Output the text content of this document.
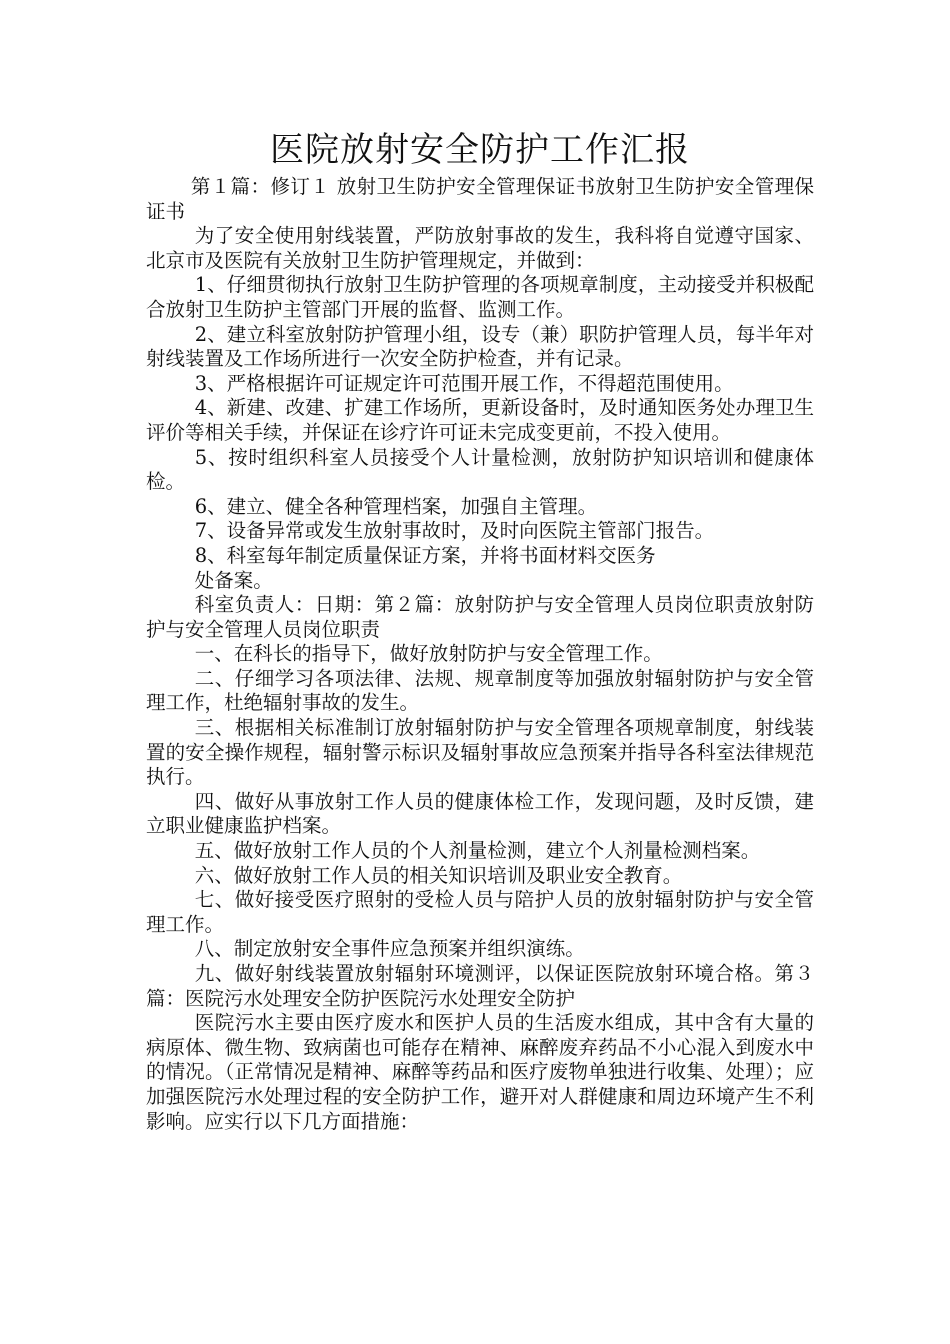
医院放射安全防护工作汇报

第１篇：修订１ 放射卫生防护安全管理保证书放射卫生防护安全管理保证书

为了安全使用射线装置，严防放射事故的发生，我科将自觉遵守国家、北京市及医院有关放射卫生防护管理规定，并做到：

1、仔细贯彻执行放射卫生防护管理的各项规章制度，主动接受并积极配合放射卫生防护主管部门开展的监督、监测工作。

2、建立科室放射防护管理小组，设专（兼）职防护管理人员，每半年对射线装置及工作场所进行一次安全防护检查，并有记录。

3、严格根据许可证规定许可范围开展工作，不得超范围使用。

4、新建、改建、扩建工作场所，更新设备时，及时通知医务处办理卫生评价等相关手续，并保证在诊疗许可证未完成变更前，不投入使用。

5、按时组织科室人员接受个人计量检测，放射防护知识培训和健康体检。

6、建立、健全各种管理档案，加强自主管理。

7、设备异常或发生放射事故时，及时向医院主管部门报告。

8、科室每年制定质量保证方案，并将书面材料交医务

处备案。

科室负责人：日期：第２篇：放射防护与安全管理人员岗位职责放射防护与安全管理人员岗位职责

一、在科长的指导下，做好放射防护与安全管理工作。

二、仔细学习各项法律、法规、规章制度等加强放射辐射防护与安全管理工作，杜绝辐射事故的发生。

三、根据相关标准制订放射辐射防护与安全管理各项规章制度，射线装置的安全操作规程，辐射警示标识及辐射事故应急预案并指导各科室法律规范执行。

四、做好从事放射工作人员的健康体检工作，发现问题，及时反馈，建立职业健康监护档案。

五、做好放射工作人员的个人剂量检测，建立个人剂量检测档案。

六、做好放射工作人员的相关知识培训及职业安全教育。

七、做好接受医疗照射的受检人员与陪护人员的放射辐射防护与安全管理工作。

八、制定放射安全事件应急预案并组织演练。

九、做好射线装置放射辐射环境测评，以保证医院放射环境合格。第３篇：医院污水处理安全防护医院污水处理安全防护

医院污水主要由医疗废水和医护人员的生活废水组成，其中含有大量的病原体、微生物、致病菌也可能存在精神、麻醉废弃药品不小心混入到废水中的情况。（正常情况是精神、麻醉等药品和医疗废物单独进行收集、处理）；应加强医院污水处理过程的安全防护工作，避开对人群健康和周边环境产生不利影响。应实行以下几方面措施：
